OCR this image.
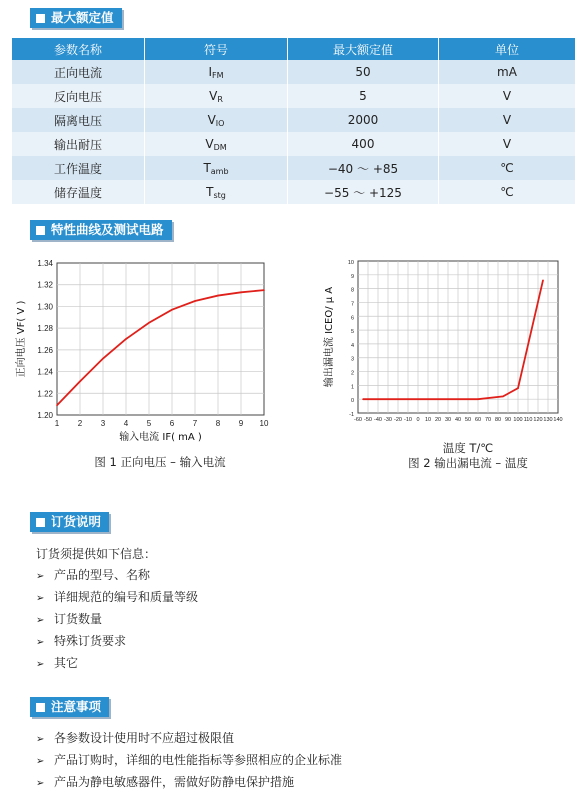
最大额定值
参数名称	符号	最大额定值	单位
正向电流	$I_{FM}$	50	mA
反向电压	$V_R$	5	V
隔离电压	$V_{IO}$	2000	V
输出耐压	$V_{DM}$	400	V
工作温度	$T_{amb}$	−40 ～ +85	℃
储存温度	$T_{stg}$	−55 ～ +125	℃
特性曲线及测试电路
1 2 3 4 5 6 7 8 9 10
1.20
1.22
1.24
1.26
1.28
1.30
1.32
1.34
正向电压 VF( V )
输入电流 IF( mA )
图 1 正向电压 – 输入电流
-60 -50 -40 -30 -20 -10 0 10 20 30 40 50 60 70 80 90 100 110 120 130 140
-1
0
1
2
3
4
5
6
7
8
9
10
输出漏电流 ICEO/ μ A
温度 T/℃
图 2 输出漏电流 – 温度
订货说明
订货须提供如下信息：
➢ 产品的型号、名称
➢ 详细规范的编号和质量等级
➢ 订货数量
➢ 特殊订货要求
➢ 其它
注意事项
➢ 各参数设计使用时不应超过极限值
➢ 产品订购时，详细的电性能指标等参照相应的企业标准
➢ 产品为静电敏感器件，需做好防静电保护措施
